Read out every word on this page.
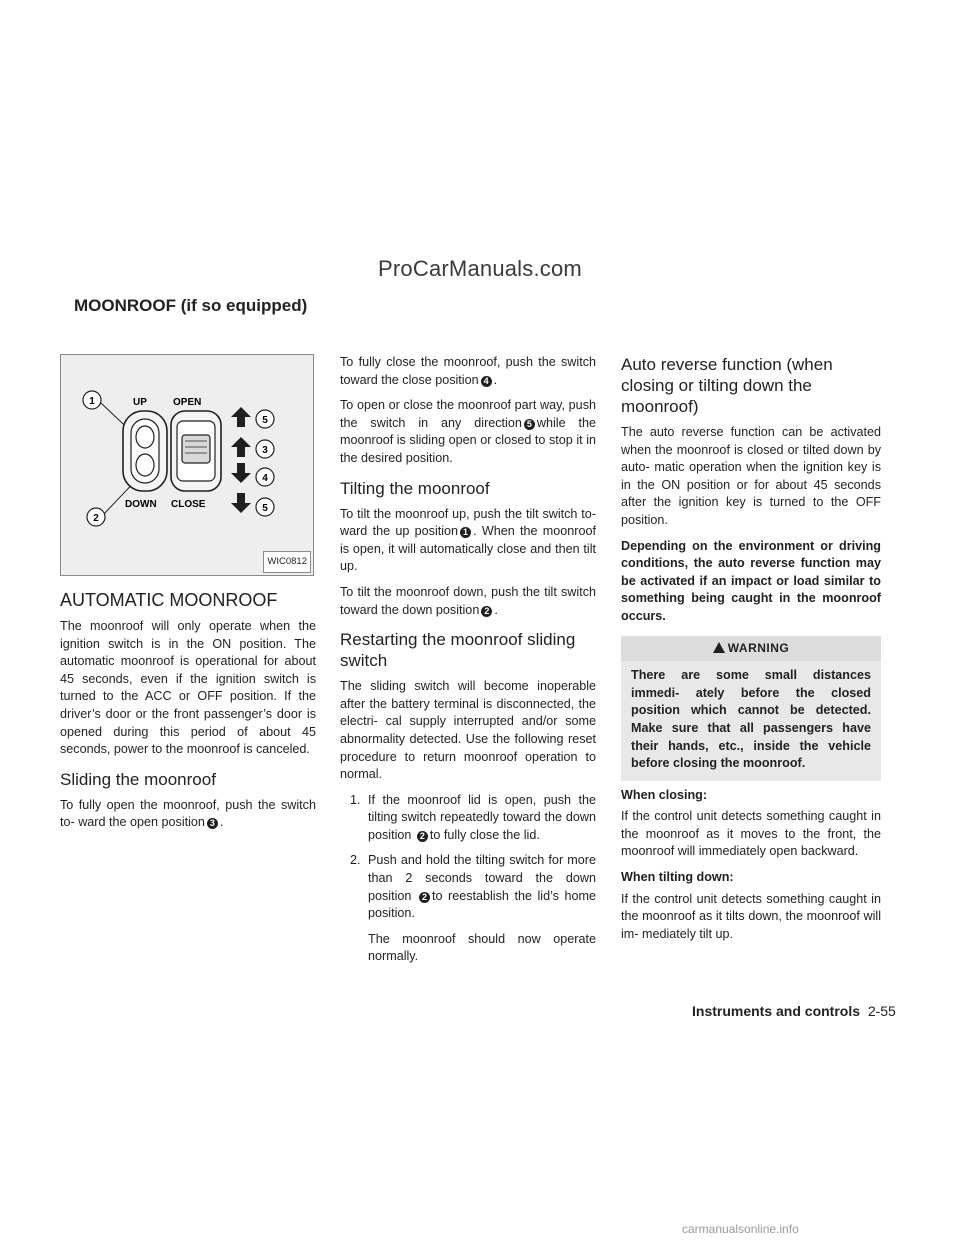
ProCarManuals.com
MOONROOF (if so equipped)
1
2
3
4
5
5
UP	OPEN
DOWN CLOSE
WIC0812
AUTOMATIC MOONROOF

The moonroof will only operate when the ignition switch is in the ON position. The automatic moonroof is operational for about 45 seconds, even if the ignition switch is turned to the ACC or OFF position. If the driver’s door or the front passenger’s door is opened during this period of about 45 seconds, power to the moonroof is canceled.

Sliding the moonroof

To fully open the moonroof, push the switch to- ward the open position 3 .

To fully close the moonroof, push the switch toward the close position 4 .

To open or close the moonroof part way, push the switch in any direction 5 while the moonroof is sliding open or closed to stop it in the desired position.

Tilting the moonroof

To tilt the moonroof up, push the tilt switch to- ward the up position 1 . When the moonroof is open, it will automatically close and then tilt up.

To tilt the moonroof down, push the tilt switch toward the down position 2 .

Restarting the moonroof sliding switch

The sliding switch will become inoperable after the battery terminal is disconnected, the electri- cal supply interrupted and/or some abnormality detected. Use the following reset procedure to return moonroof operation to normal.

1. If the moonroof lid is open, push the tilting switch repeatedly toward the down position 2 to fully close the lid.
2. Push and hold the tilting switch for more than 2 seconds toward the down position 2 to reestablish the lid’s home position.

The moonroof should now operate normally.

Auto reverse function (when closing or tilting down the moonroof)

The auto reverse function can be activated when the moonroof is closed or tilted down by auto- matic operation when the ignition key is in the ON position or for about 45 seconds after the ignition key is turned to the OFF position.

Depending on the environment or driving conditions, the auto reverse function may be activated if an impact or load similar to something being caught in the moonroof occurs.

WARNING
There are some small distances immedi- ately before the closed position which cannot be detected. Make sure that all passengers have their hands, etc., inside the vehicle before closing the moonroof.

When closing:

If the control unit detects something caught in the moonroof as it moves to the front, the moonroof will immediately open backward.

When tilting down:

If the control unit detects something caught in the moonroof as it tilts down, the moonroof will im- mediately tilt up.

Instruments and controls 2-55
carmanualsonline.info
